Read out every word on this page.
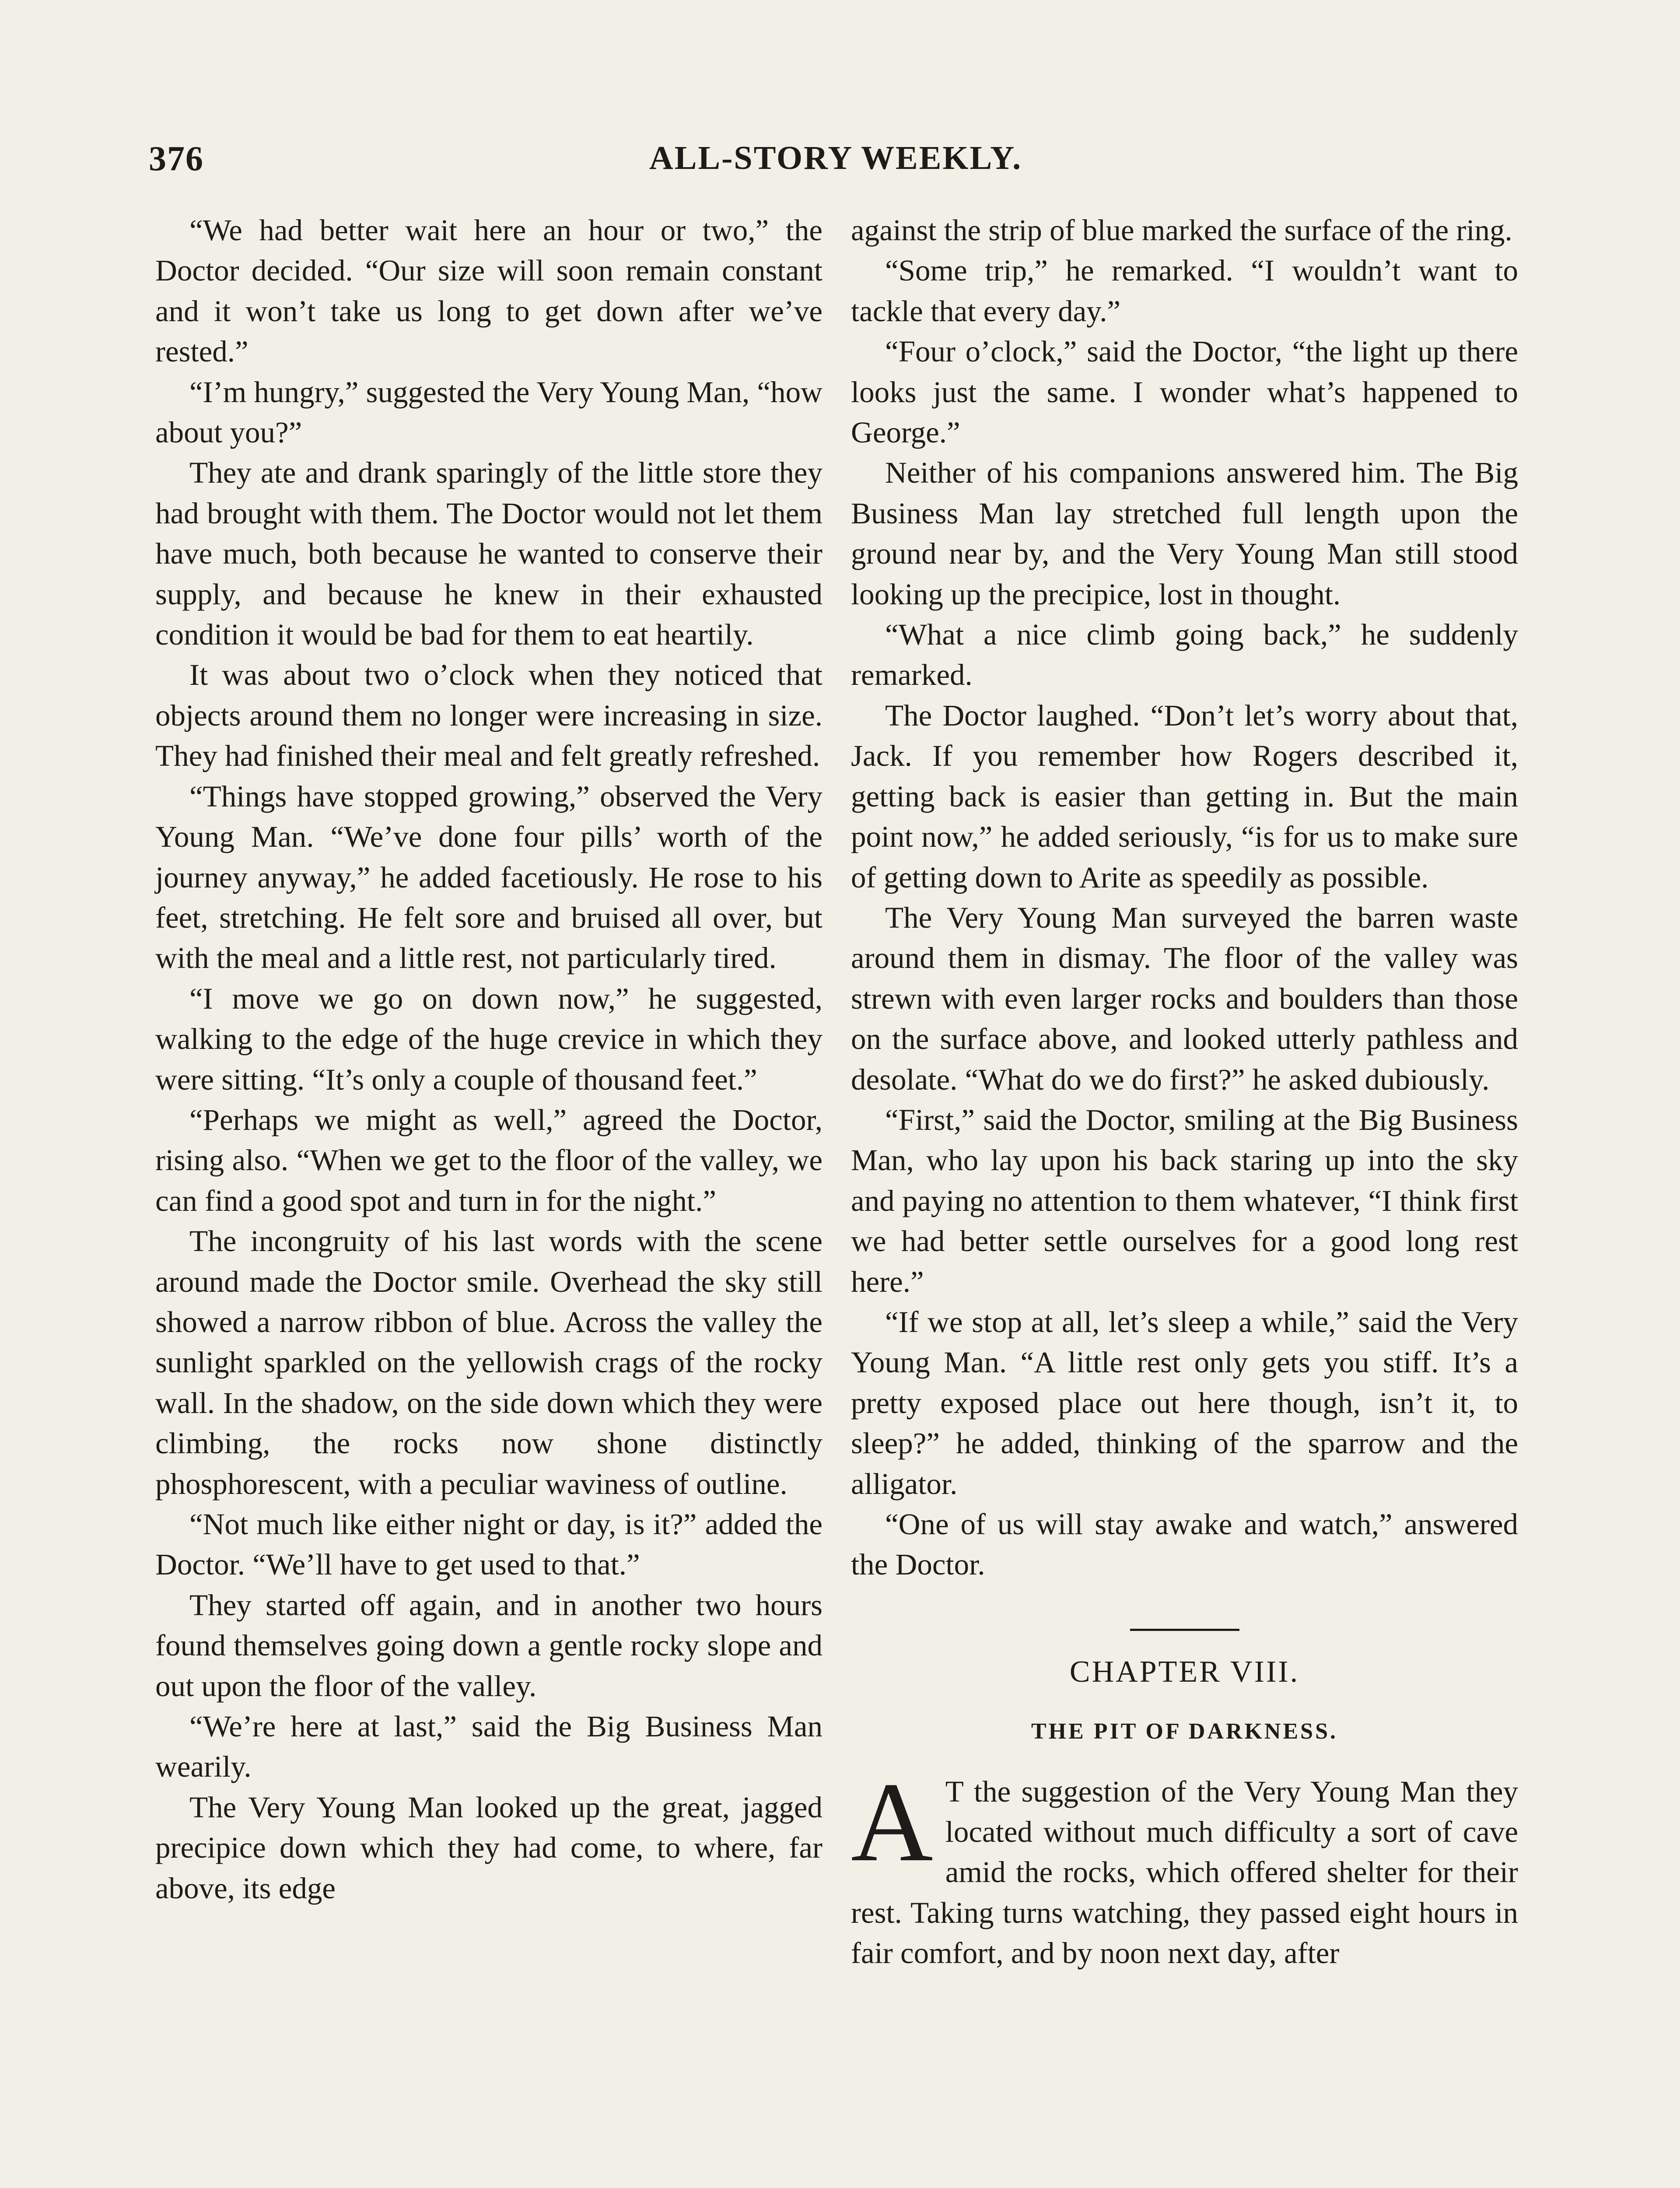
376	ALL-STORY WEEKLY.

“We had better wait here an hour or two,” the Doctor decided. “Our size will soon remain constant and it won’t take us long to get down after we’ve rested.”

“I’m hungry,” suggested the Very Young Man, “how about you?”

They ate and drank sparingly of the little store they had brought with them. The Doctor would not let them have much, both because he wanted to conserve their supply, and because he knew in their exhausted condition it would be bad for them to eat heartily.

It was about two o’clock when they noticed that objects around them no longer were increasing in size. They had finished their meal and felt greatly refreshed.

“Things have stopped growing,” observed the Very Young Man. “We’ve done four pills’ worth of the journey anyway,” he added facetiously. He rose to his feet, stretching. He felt sore and bruised all over, but with the meal and a little rest, not particularly tired.

“I move we go on down now,” he suggested, walking to the edge of the huge crevice in which they were sitting. “It’s only a couple of thousand feet.”

“Perhaps we might as well,” agreed the Doctor, rising also. “When we get to the floor of the valley, we can find a good spot and turn in for the night.”

The incongruity of his last words with the scene around made the Doctor smile. Overhead the sky still showed a narrow ribbon of blue. Across the valley the sunlight sparkled on the yellowish crags of the rocky wall. In the shadow, on the side down which they were climbing, the rocks now shone distinctly phosphorescent, with a peculiar waviness of outline.

“Not much like either night or day, is it?” added the Doctor. “We’ll have to get used to that.”

They started off again, and in another two hours found themselves going down a gentle rocky slope and out upon the floor of the valley.

“We’re here at last,” said the Big Business Man wearily.

The Very Young Man looked up the great, jagged precipice down which they had come, to where, far above, its edge

against the strip of blue marked the surface of the ring.

“Some trip,” he remarked. “I wouldn’t want to tackle that every day.”

“Four o’clock,” said the Doctor, “the light up there looks just the same. I wonder what’s happened to George.”

Neither of his companions answered him. The Big Business Man lay stretched full length upon the ground near by, and the Very Young Man still stood looking up the precipice, lost in thought.

“What a nice climb going back,” he suddenly remarked.

The Doctor laughed. “Don’t let’s worry about that, Jack. If you remember how Rogers described it, getting back is easier than getting in. But the main point now,” he added seriously, “is for us to make sure of getting down to Arite as speedily as possible.

The Very Young Man surveyed the barren waste around them in dismay. The floor of the valley was strewn with even larger rocks and boulders than those on the surface above, and looked utterly pathless and desolate. “What do we do first?” he asked dubiously.

“First,” said the Doctor, smiling at the Big Business Man, who lay upon his back staring up into the sky and paying no attention to them whatever, “I think first we had better settle ourselves for a good long rest here.”

“If we stop at all, let’s sleep a while,” said the Very Young Man. “A little rest only gets you stiff. It’s a pretty exposed place out here though, isn’t it, to sleep?” he added, thinking of the sparrow and the alligator.

“One of us will stay awake and watch,” answered the Doctor.

CHAPTER VIII.

THE PIT OF DARKNESS.

A T the suggestion of the Very Young Man they located without much difficulty a sort of cave amid the rocks, which offered shelter for their rest. Taking turns watching, they passed eight hours in fair comfort, and by noon next day, after
